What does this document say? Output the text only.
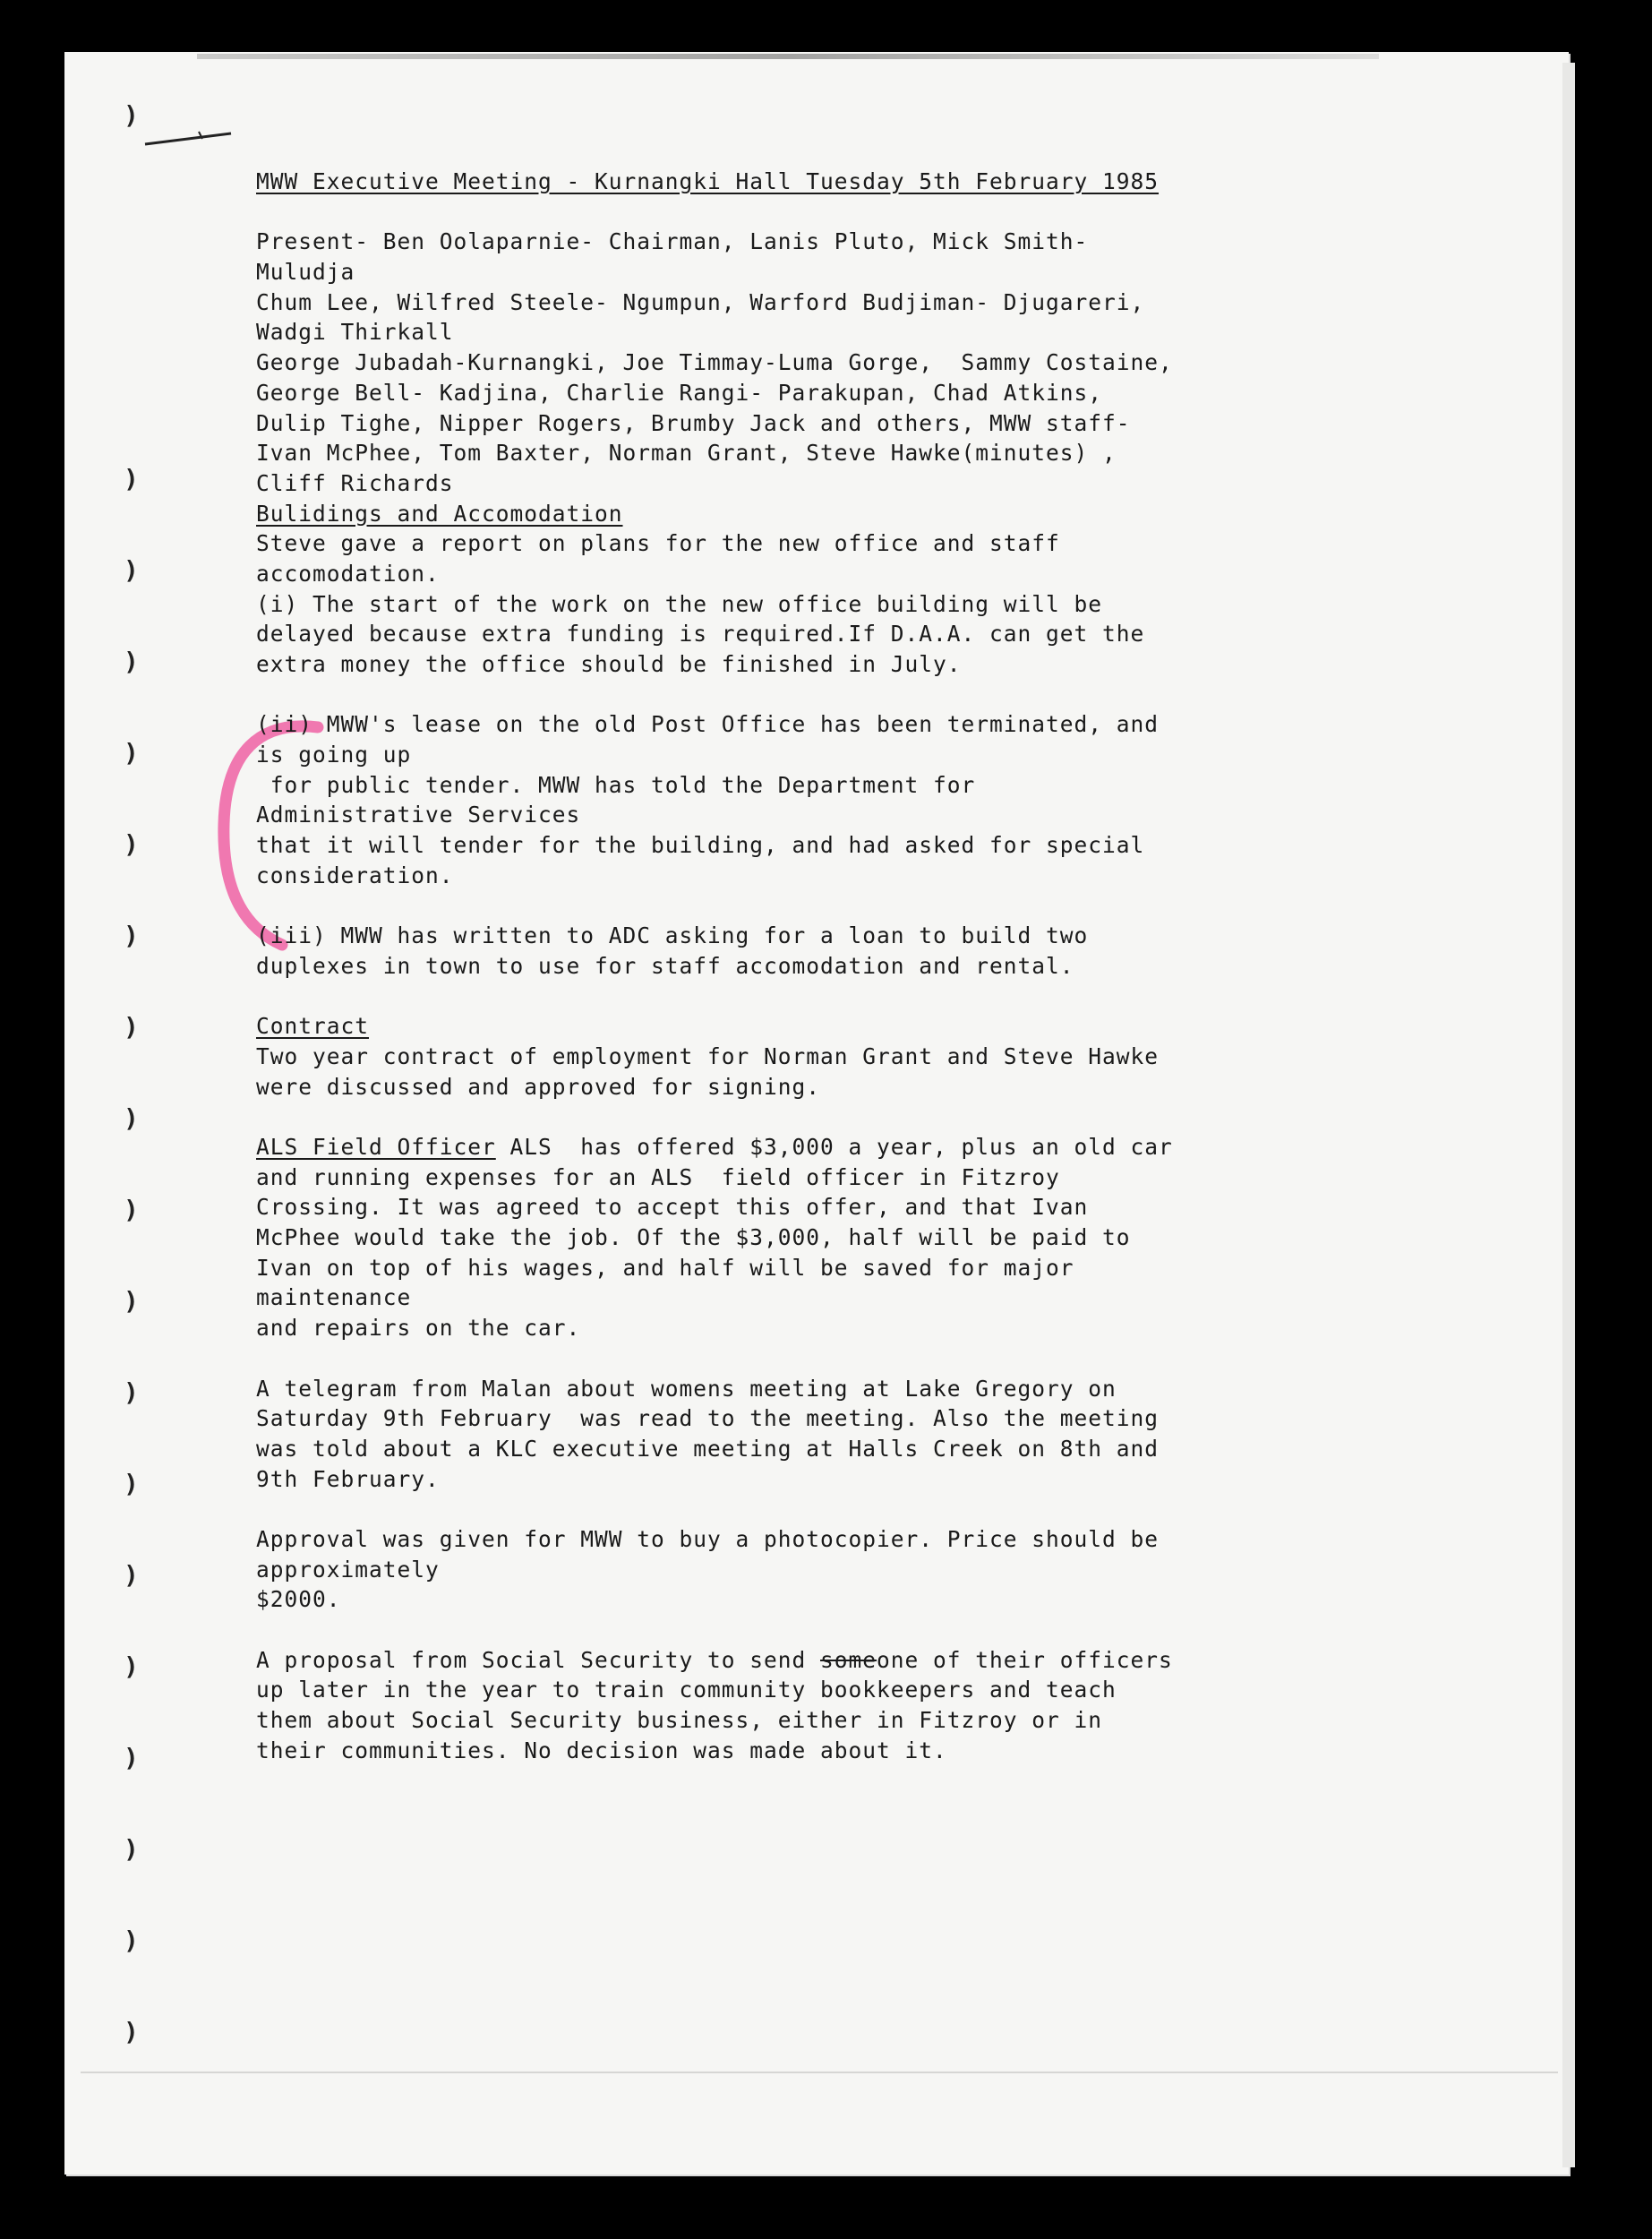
)
)
)
)
)
)
)
)
)
)
)
)
)
)
)
)
)
)
)
MWW Executive Meeting - Kurnangki Hall Tuesday 5th February 1985
Present- Ben Oolaparnie- Chairman, Lanis Pluto, Mick Smith-
Muludja
Chum Lee, Wilfred Steele- Ngumpun, Warford Budjiman- Djugareri,
Wadgi Thirkall
George Jubadah-Kurnangki, Joe Timmay-Luma Gorge,  Sammy Costaine,
George Bell- Kadjina, Charlie Rangi- Parakupan, Chad Atkins,
Dulip Tighe, Nipper Rogers, Brumby Jack and others, MWW staff-
Ivan McPhee, Tom Baxter, Norman Grant, Steve Hawke(minutes) ,
Cliff Richards
Bulidings and Accomodation
Steve gave a report on plans for the new office and staff
accomodation.
(i) The start of the work on the new office building will be
delayed because extra funding is required.If D.A.A. can get the
extra money the office should be finished in July.
(ii) MWW's lease on the old Post Office has been terminated, and
is going up
for public tender. MWW has told the Department for
Administrative Services
that it will tender for the building, and had asked for special
consideration.
(iii) MWW has written to ADC asking for a loan to build two
duplexes in town to use for staff accomodation and rental.
Contract
Two year contract of employment for Norman Grant and Steve Hawke
were discussed and approved for signing.
ALS Field Officer ALS  has offered $3,000 a year, plus an old car
and running expenses for an ALS  field officer in Fitzroy
Crossing. It was agreed to accept this offer, and that Ivan
McPhee would take the job. Of the $3,000, half will be paid to
Ivan on top of his wages, and half will be saved for major
maintenance
and repairs on the car.
A telegram from Malan about womens meeting at Lake Gregory on
Saturday 9th February  was read to the meeting. Also the meeting
was told about a KLC executive meeting at Halls Creek on 8th and
9th February.
Approval was given for MWW to buy a photocopier. Price should be
approximately
$2000.
A proposal from Social Security to send someone of their officers
up later in the year to train community bookkeepers and teach
them about Social Security business, either in Fitzroy or in
their communities. No decision was made about it.
